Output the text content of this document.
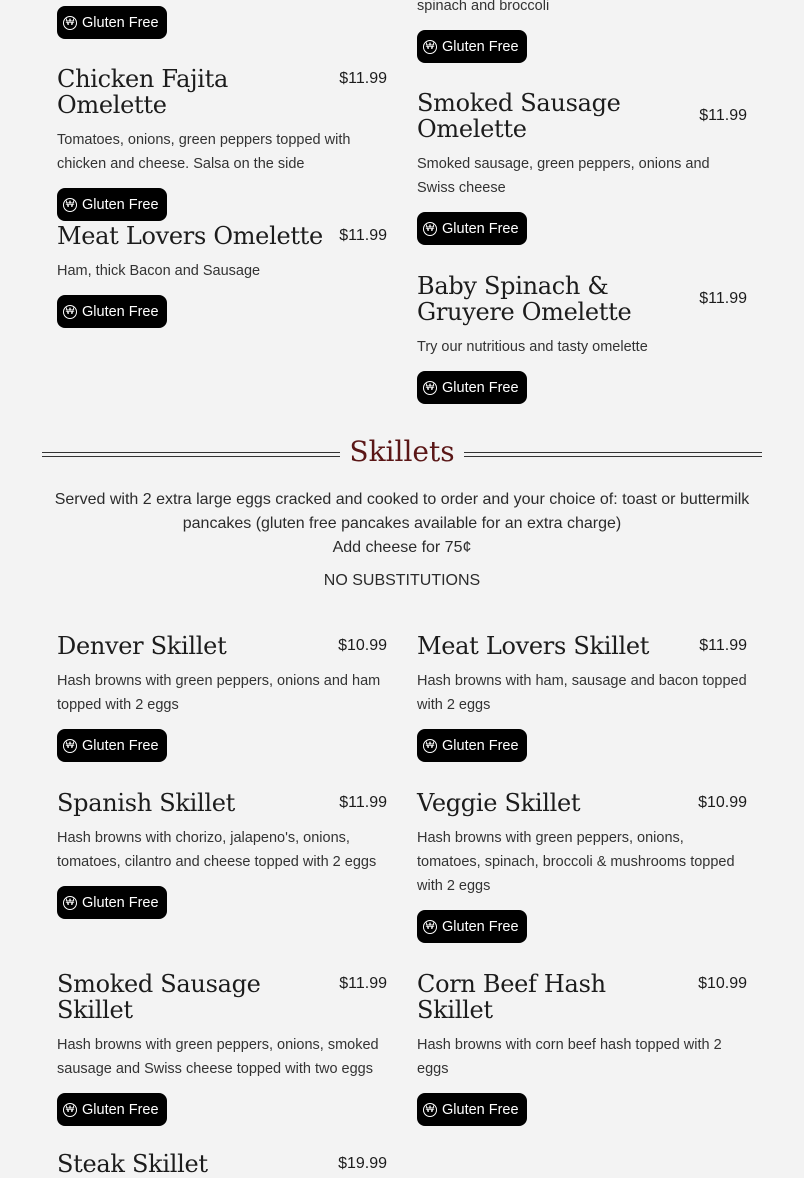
₩ Gluten Free
Chicken Fajita Omelette
$11.99
Tomatoes, onions, green peppers topped with chicken and cheese. Salsa on the side
₩ Gluten Free
Meat Lovers Omelette $11.99
Ham, thick Bacon and Sausage
₩ Gluten Free
spinach and broccoli
₩ Gluten Free
Smoked Sausage Omelette	$11.99
Smoked sausage, green peppers, onions and Swiss cheese
₩ Gluten Free
Baby Spinach & Gruyere Omelette	$11.99
Try our nutritious and tasty omelette
₩ Gluten Free
Skillets
Served with 2 extra large eggs cracked and cooked to order and your choice of: toast or buttermilk pancakes (gluten free pancakes available for an extra charge)
Add cheese for 75¢
NO SUBSTITUTIONS
Denver Skillet	$10.99
Hash browns with green peppers, onions and ham topped with 2 eggs
₩ Gluten Free
Spanish Skillet	$11.99
Hash browns with chorizo, jalapeno's, onions, tomatoes, cilantro and cheese topped with 2 eggs
₩ Gluten Free
Smoked Sausage Skillet
$11.99
Hash browns with green peppers, onions, smoked sausage and Swiss cheese topped with two eggs
₩ Gluten Free
Steak Skillet	$19.99
Meat Lovers Skillet	$11.99
Hash browns with ham, sausage and bacon topped with 2 eggs
₩ Gluten Free
Veggie Skillet	$10.99
Hash browns with green peppers, onions, tomatoes, spinach, broccoli & mushrooms topped with 2 eggs
₩ Gluten Free
Corn Beef Hash Skillet
$10.99
Hash browns with corn beef hash topped with 2 eggs
₩ Gluten Free
